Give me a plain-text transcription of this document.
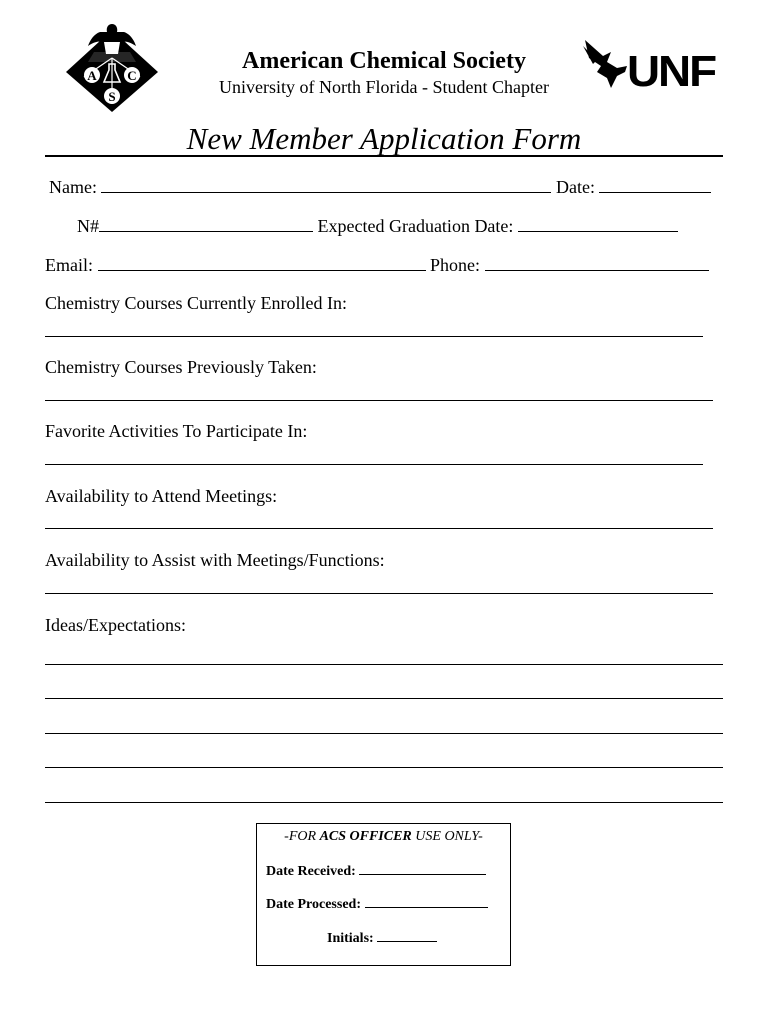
A C
S
UNF
American Chemical Society
University of North Florida - Student Chapter
New Member Application Form
Name:	Date:
N#	Expected Graduation Date:
Email:	Phone:
Chemistry Courses Currently Enrolled In:
Chemistry Courses Previously Taken:
Favorite Activities To Participate In:
Availability to Attend Meetings:
Availability to Assist with Meetings/Functions:
Ideas/Expectations:
-FOR ACS OFFICER USE ONLY-
Date Received:
Date Processed:
Initials:
